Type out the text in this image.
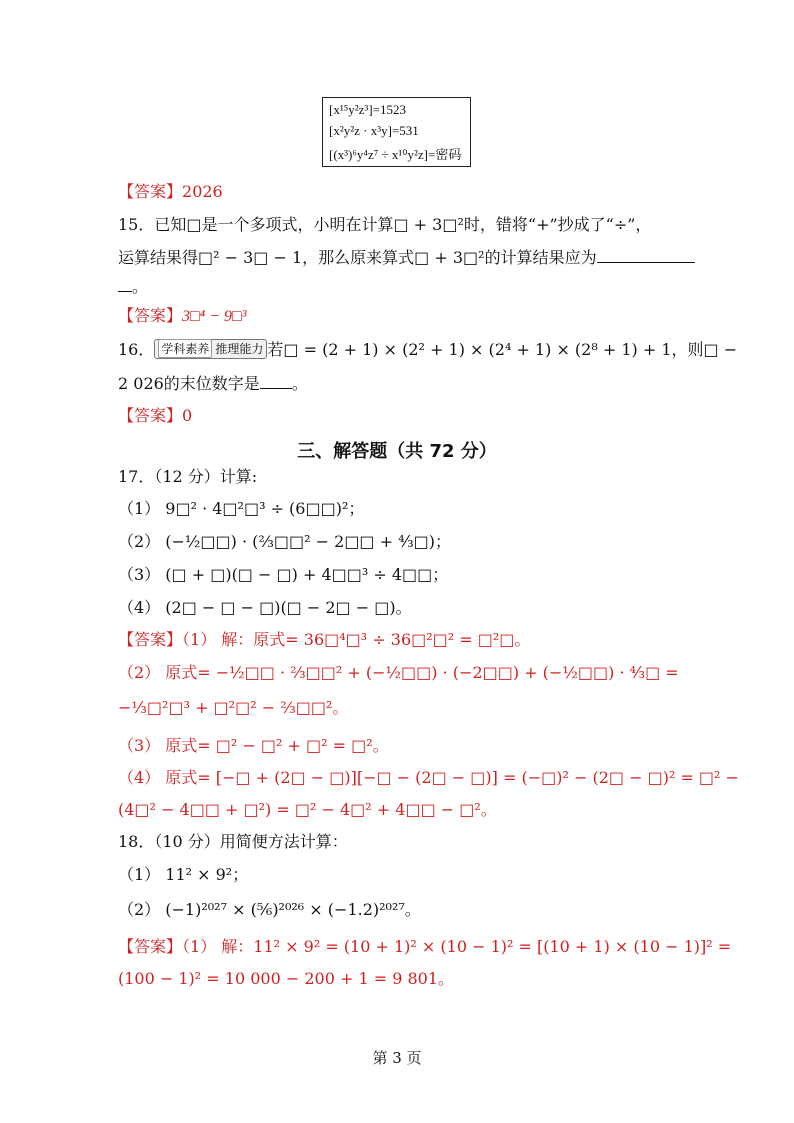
[x¹⁵y²z³]=1523
[x²y²z · x³y]=531
[(x³)⁶y⁴z⁷ ÷ x¹⁰y²z]=密码
【答案】2026
15．已知□是一个多项式，小明在计算□ + 3□²时，错将“+”抄成了“÷”，
运算结果得□² − 3□ − 1，那么原来算式□ + 3□²的计算结果应为
。
【答案】3□⁴ − 9□³
16． 学科素养 推理能力 若□ = (2 + 1) × (2² + 1) × (2⁴ + 1) × (2⁸ + 1) + 1，则□ −
2 026的末位数字是 。
【答案】0
三、解答题（共 72 分）
17．（12 分）计算:
（1） 9□² · 4□²□³ ÷ (6□□)²；
（2） (−½□□) · (⅔□□² − 2□□ + ⁴⁄₃□)；
（3） (□ + □)(□ − □) + 4□□³ ÷ 4□□；
（4） (2□ − □ − □)(□ − 2□ − □)。
【答案】（1） 解：原式= 36□⁴□³ ÷ 36□²□² = □²□。
（2） 原式= −½□□ · ⅔□□² + (−½□□) · (−2□□) + (−½□□) · ⁴⁄₃□ =
−⅓□²□³ + □²□² − ⅔□□²。
（3） 原式= □² − □² + □² = □²。
（4） 原式= [−□ + (2□ − □)][−□ − (2□ − □)] = (−□)² − (2□ − □)² = □² −
(4□² − 4□□ + □²) = □² − 4□² + 4□□ − □²。
18．（10 分）用简便方法计算：
（1） 11² × 9²；
（2） (−1)²⁰²⁷ × (⁵⁄₆)²⁰²⁶ × (−1.2)²⁰²⁷。
【答案】（1） 解：11² × 9² = (10 + 1)² × (10 − 1)² = [(10 + 1) × (10 − 1)]² =
(100 − 1)² = 10 000 − 200 + 1 = 9 801。
第 3 页
